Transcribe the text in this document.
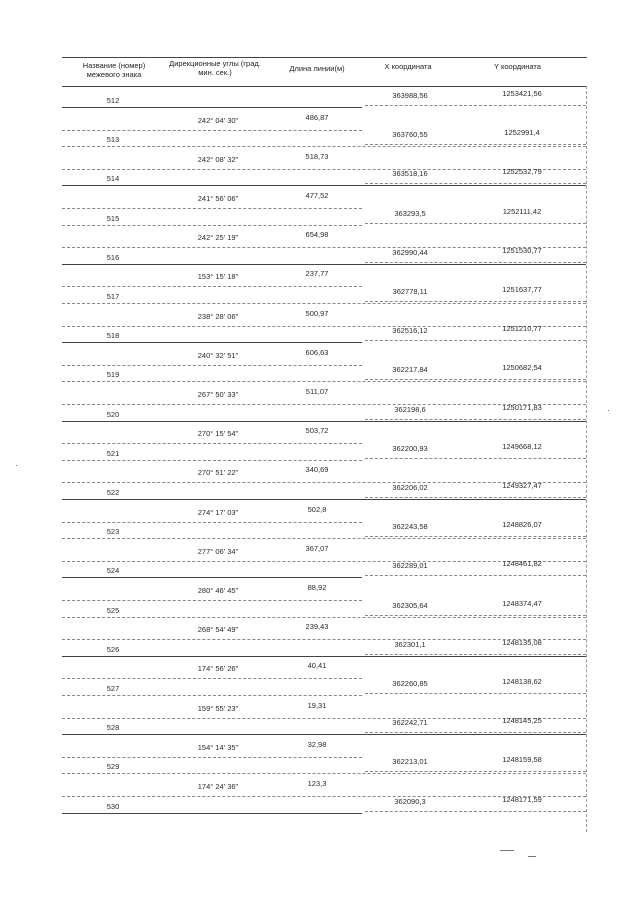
Название (номер) межевого знака
Дирекционные углы (град. мин. сек.)	Длина линии(м)	X координата	Y координата
512
363988,56	1253421,56
242° 04' 30"	486,87
513
363760,55	1252991,4
242° 08' 32"	518,73
514
363518,16	1252532,79
241° 56' 06"	477,52
515
363293,5	1252111,42
242° 25' 19"	654,98
516
362990,44	1251530,77
153° 15' 18"	237,77
517
362778,11	1251637,77
238° 28' 06"	500,97
518
362516,12	1251210,77
240° 32' 51"	606,63
519
362217,84	1250682,54
267° 50' 33"	511,07
520
362198,6	1250171,83
270° 15' 54"	503,72
521
362200,93	1249668,12
270° 51' 22"	340,69
522
362206,02	1249327,47
274° 17' 03"	502,8
523
362243,58	1248826,07
277° 06' 34"	367,07
524
362289,01	1248461,82
280° 46' 45"	88,92
525
362305,64	1248374,47
268° 54' 49"	239,43
526
362301,1	1248135,08
174° 56' 26"	40,41
527
362260,85	1248138,62
159° 55' 23"	19,31
528
362242,71	1248145,25
154° 14' 35"	32,98
529
362213,01	1248159,58
174° 24' 36"	123,3
530
362090,3	1248171,59
